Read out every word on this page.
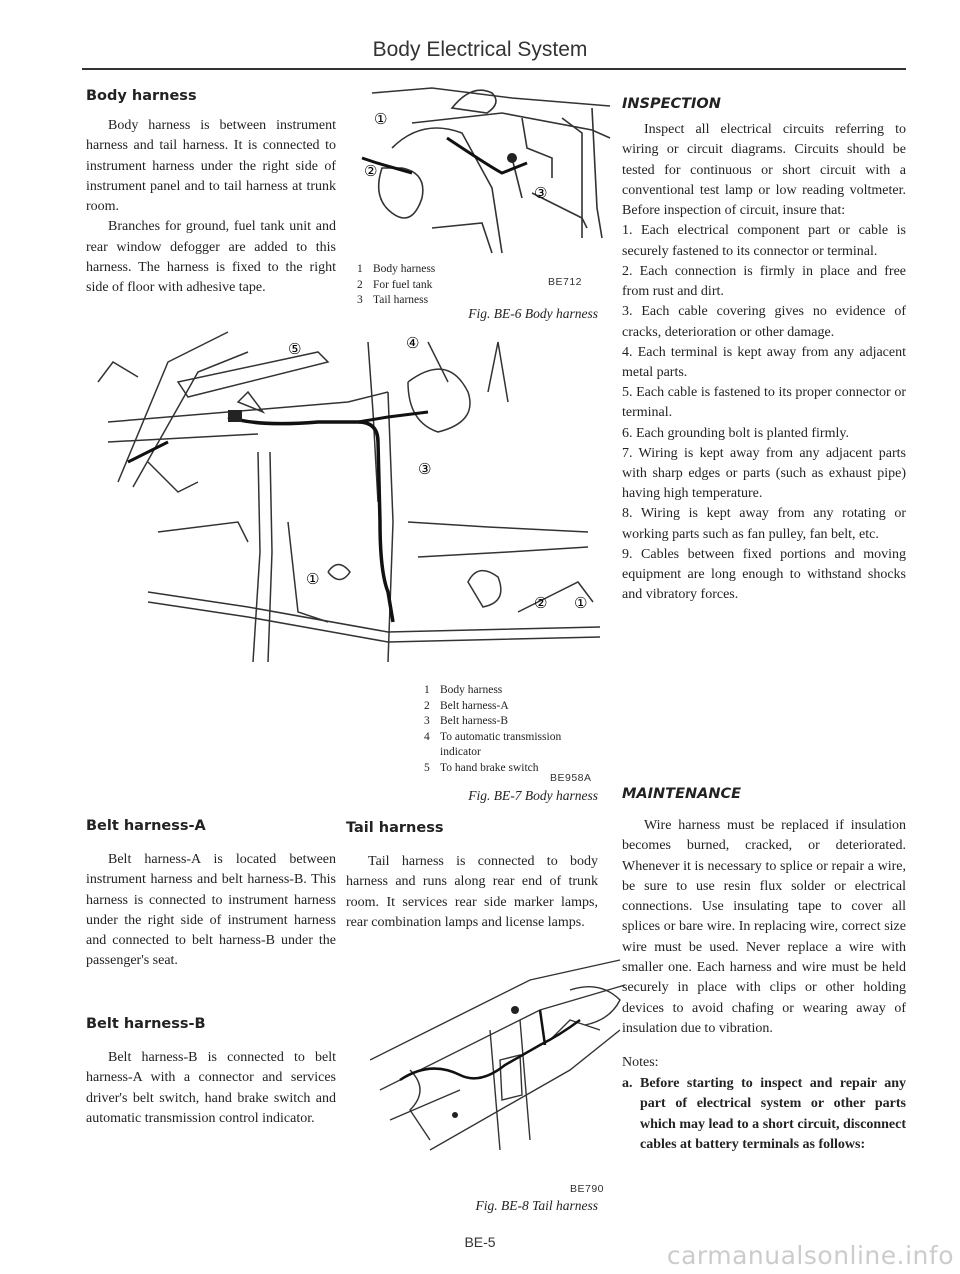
Body Electrical System
Body harness

Body harness is between instrument harness and tail harness. It is connected to instrument harness under the right side of instrument panel and to tail harness at trunk room.

Branches for ground, fuel tank unit and rear window defogger are added to this harness. The harness is fixed to the right side of floor with adhesive tape.

①
②
③
1 Body harness
2 For fuel tank
3 Tail harness
BE712
Fig. BE-6 Body harness
⑤	④
③
①
② ①
1 Body harness
2 Belt harness-A
3 Belt harness-B
4 To automatic transmission
indicator
5 To hand brake switch
BE958A
Fig. BE-7 Body harness
Belt harness-A

Belt harness-A is located between instrument harness and belt harness-B. This harness is connected to instrument harness under the right side of instrument harness and connected to belt harness-B under the passenger's seat.

Belt harness-B

Belt harness-B is connected to belt harness-A with a connector and services driver's belt switch, hand brake switch and automatic transmission control indicator.

Tail harness

Tail harness is connected to body harness and runs along rear end of trunk room. It services rear side marker lamps, rear combination lamps and license lamps.

BE790
Fig. BE-8 Tail harness
INSPECTION

Inspect all electrical circuits referring to wiring or circuit diagrams. Circuits should be tested for continuous or short circuit with a conventional test lamp or low reading voltmeter. Before inspection of circuit, insure that:

1. Each electrical component part or cable is securely fastened to its connector or terminal.

2. Each connection is firmly in place and free from rust and dirt.

3. Each cable covering gives no evidence of cracks, deterioration or other damage.

4. Each terminal is kept away from any adjacent metal parts.

5. Each cable is fastened to its proper connector or terminal.

6. Each grounding bolt is planted firmly.

7. Wiring is kept away from any adjacent parts with sharp edges or parts (such as exhaust pipe) having high temperature.

8. Wiring is kept away from any rotating or working parts such as fan pulley, fan belt, etc.

9. Cables between fixed portions and moving equipment are long enough to withstand shocks and vibratory forces.

MAINTENANCE

Wire harness must be replaced if insulation becomes burned, cracked, or deteriorated. Whenever it is necessary to splice or repair a wire, be sure to use resin flux solder or electrical connections. Use insulating tape to cover all splices or bare wire. In replacing wire, correct size wire must be used. Never replace a wire with smaller one. Each harness and wire must be held securely in place with clips or other holding devices to avoid chafing or wearing away of insulation due to vibration.

Notes:

a. Before starting to inspect and repair any part of electrical system or other parts which may lead to a short circuit, disconnect cables at battery terminals as follows:

BE-5	carmanualsonline.info
